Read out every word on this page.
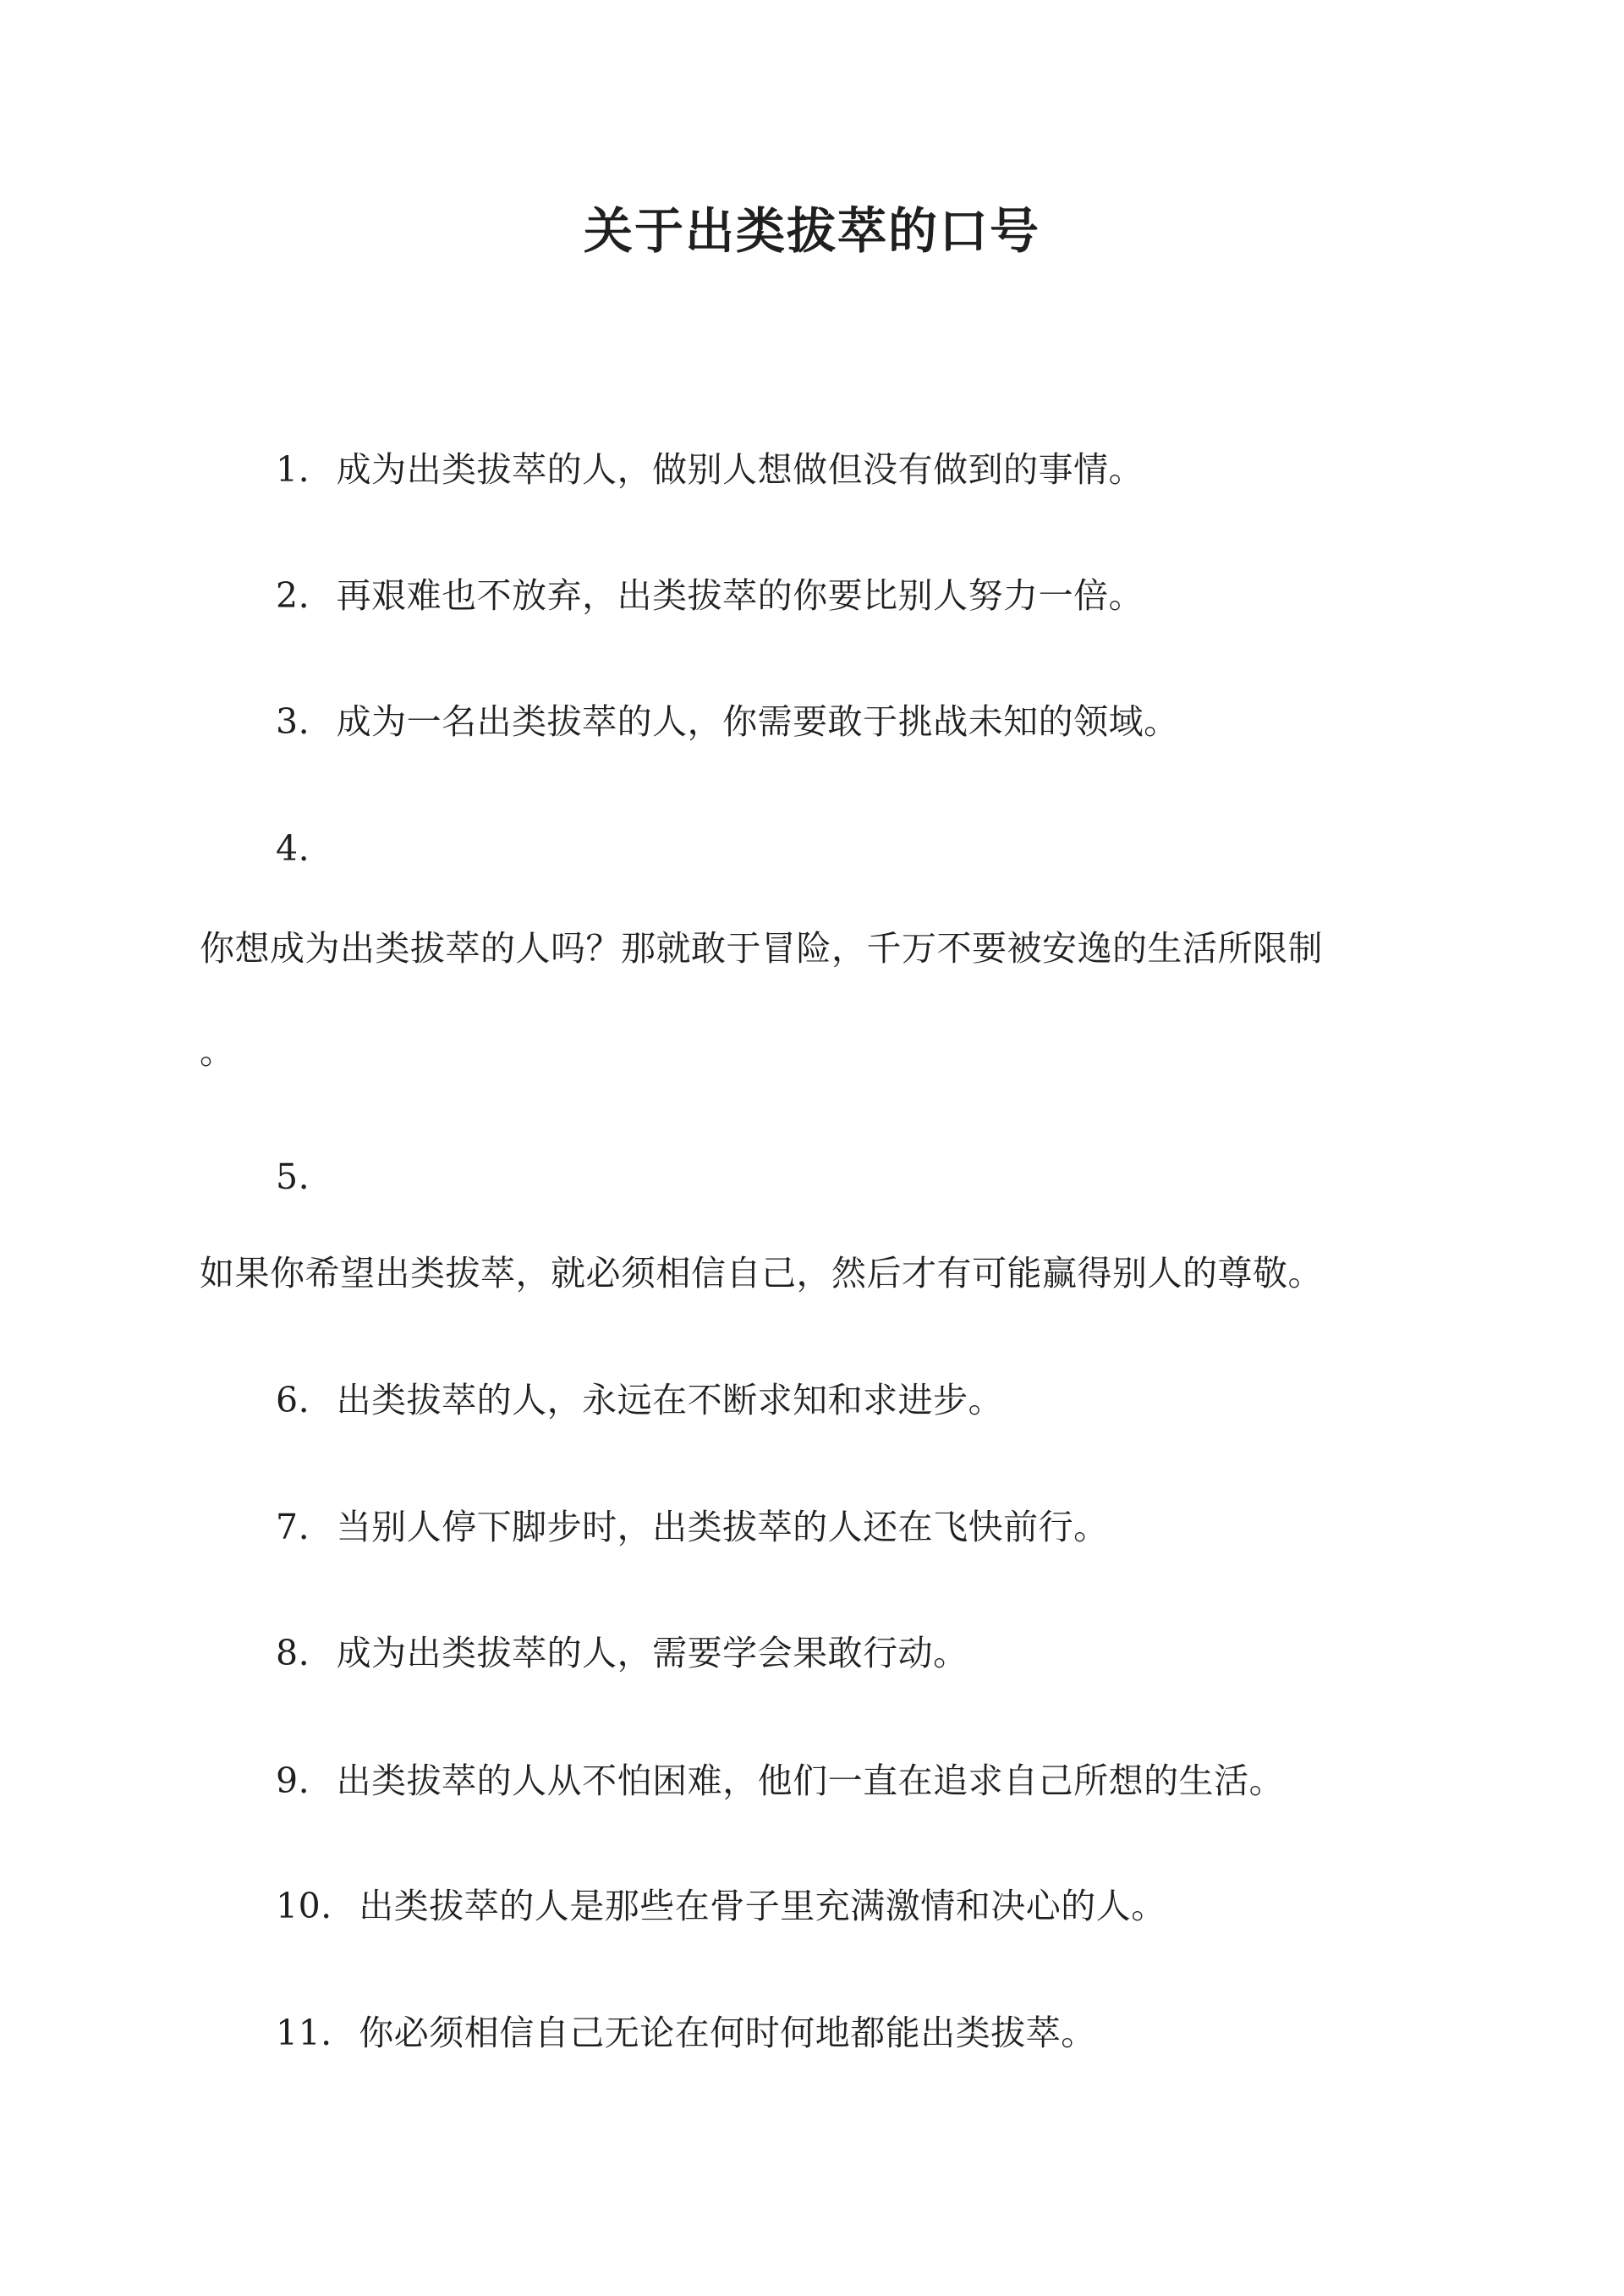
关于出类拔萃的口号
1. 成为出类拔萃的人，做别人想做但没有做到的事情。
2. 再艰难也不放弃，出类拔萃的你要比别人努力一倍。
3. 成为一名出类拔萃的人，你需要敢于挑战未知的领域。
4.
你想成为出类拔萃的人吗？那就敢于冒险，千万不要被安逸的生活所限制
。
5.
如果你希望出类拔萃，就必须相信自己，然后才有可能赢得别人的尊敬。
6. 出类拔萃的人，永远在不断求知和求进步。
7. 当别人停下脚步时，出类拔萃的人还在飞快前行。
8. 成为出类拔萃的人，需要学会果敢行动。
9. 出类拔萃的人从不怕困难，他们一直在追求自己所想的生活。
10. 出类拔萃的人是那些在骨子里充满激情和决心的人。
11. 你必须相信自己无论在何时何地都能出类拔萃。
